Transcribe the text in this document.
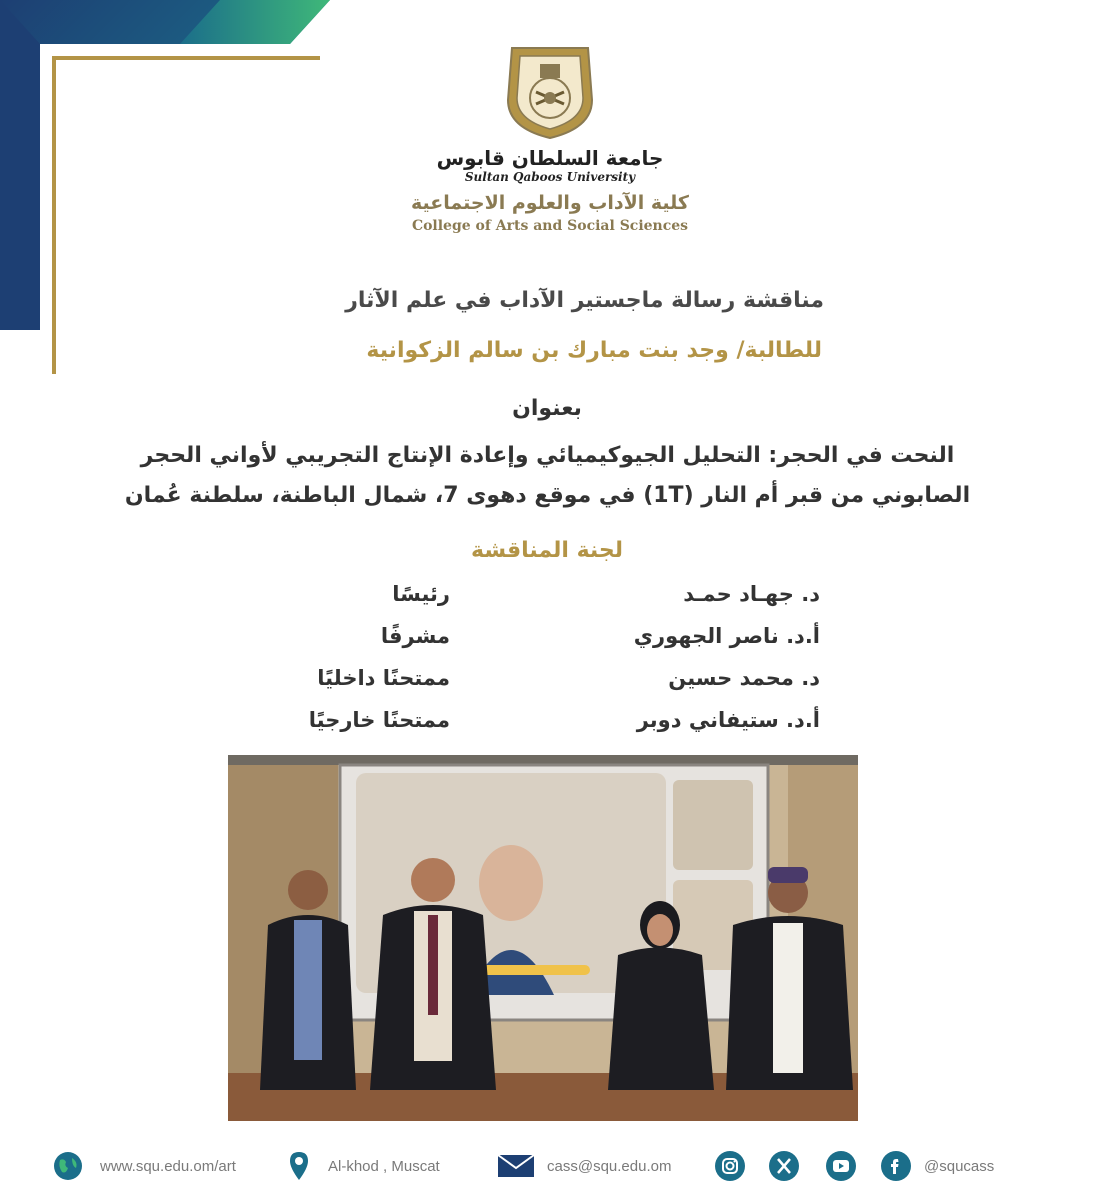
جامعة السلطان قابوس
Sultan Qaboos University
كلية الآداب والعلوم الاجتماعية
College of Arts and Social Sciences
مناقشة رسالة ماجستير الآداب في علم الآثار
للطالبة/ وجد بنت مبارك بن سالم الزكوانية
بعنوان
النحت في الحجر: التحليل الجيوكيميائي وإعادة الإنتاج التجريبي لأواني الحجر
الصابوني من قبر أم النار (1T) في موقع دهوى 7، شمال الباطنة، سلطنة عُمان
لجنة المناقشة
د. جهـاد حمـد
رئيسًا
أ.د. ناصر الجهوري
مشرفًا
د. محمد حسين
ممتحنًا داخليًا
أ.د. ستيفاني دوبر
ممتحنًا خارجيًا
www.squ.edu.om/art	Al-khod , Muscat	cass@squ.edu.om	@squcass
